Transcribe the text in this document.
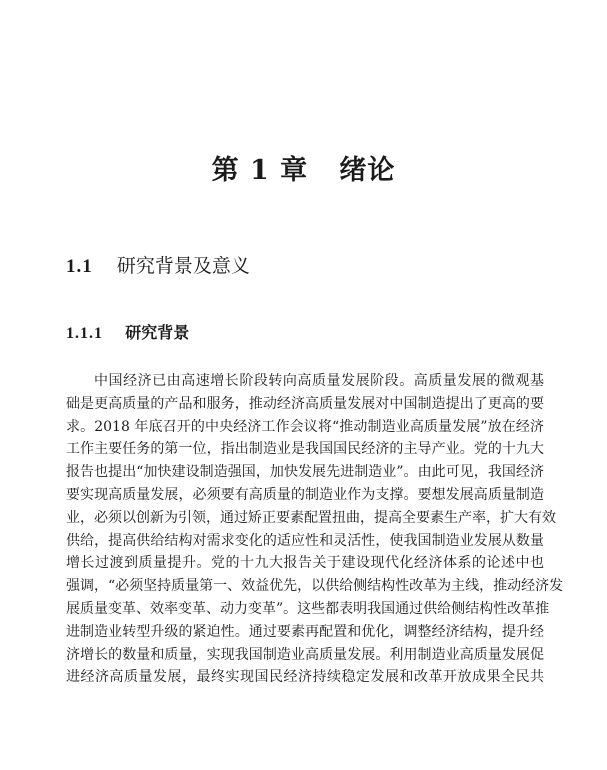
第 1 章   绪论
1.1 研究背景及意义
1.1.1 研究背景
中国经济已由高速增长阶段转向高质量发展阶段。高质量发展的微观基
础是更高质量的产品和服务，推动经济高质量发展对中国制造提出了更高的要
求。2018 年底召开的中央经济工作会议将“推动制造业高质量发展”放在经济
工作主要任务的第一位，指出制造业是我国国民经济的主导产业。党的十九大
报告也提出“加快建设制造强国，加快发展先进制造业”。由此可见，我国经济
要实现高质量发展，必须要有高质量的制造业作为支撑。要想发展高质量制造
业，必须以创新为引领，通过矫正要素配置扭曲，提高全要素生产率，扩大有效
供给，提高供给结构对需求变化的适应性和灵活性，使我国制造业发展从数量
增长过渡到质量提升。党的十九大报告关于建设现代化经济体系的论述中也
强调，“必须坚持质量第一、效益优先，以供给侧结构性改革为主线，推动经济发
展质量变革、效率变革、动力变革”。这些都表明我国通过供给侧结构性改革推
进制造业转型升级的紧迫性。通过要素再配置和优化，调整经济结构，提升经
济增长的数量和质量，实现我国制造业高质量发展。利用制造业高质量发展促
进经济高质量发展，最终实现国民经济持续稳定发展和改革开放成果全民共
